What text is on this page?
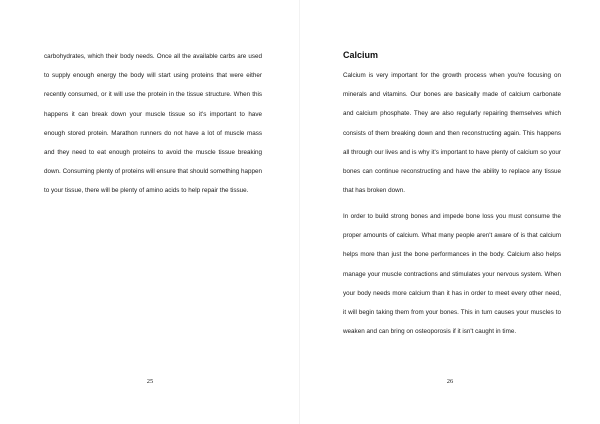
carbohydrates, which their body needs. Once all the available carbs are used to supply enough energy the body will start using proteins that were either recently consumed, or it will use the protein in the tissue structure. When this happens it can break down your muscle tissue so it's important to have enough stored protein. Marathon runners do not have a lot of muscle mass and they need to eat enough proteins to avoid the muscle tissue breaking down. Consuming plenty of proteins will ensure that should something happen to your tissue, there will be plenty of amino acids to help repair the tissue.

25

Calcium

Calcium is very important for the growth process when you're focusing on minerals and vitamins. Our bones are basically made of calcium carbonate and calcium phosphate. They are also regularly repairing themselves which consists of them breaking down and then reconstructing again. This happens all through our lives and is why it's important to have plenty of calcium so your bones can continue reconstructing and have the ability to replace any tissue that has broken down.

In order to build strong bones and impede bone loss you must consume the proper amounts of calcium. What many people aren't aware of is that calcium helps more than just the bone performances in the body. Calcium also helps manage your muscle contractions and stimulates your nervous system. When your body needs more calcium than it has in order to meet every other need, it will begin taking them from your bones. This in turn causes your muscles to weaken and can bring on osteoporosis if it isn't caught in time.

26
